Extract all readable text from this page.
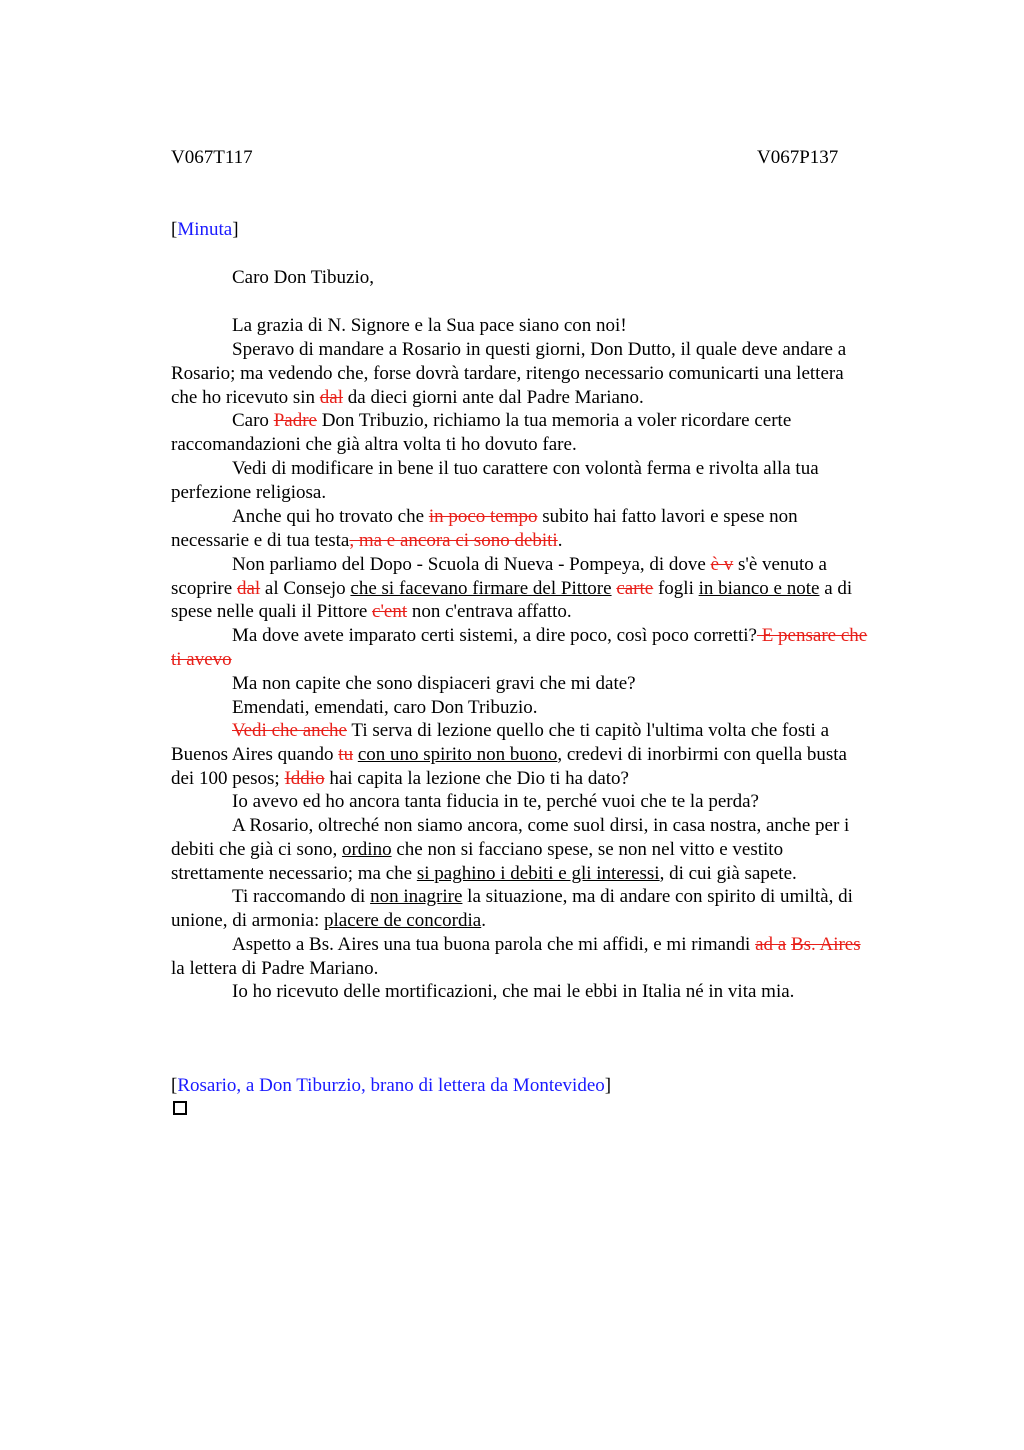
V067T117	V067P137
[Minuta]
Caro Don Tibuzio,
La grazia di N. Signore e la Sua pace siano con noi!
Speravo di mandare a Rosario in questi giorni, Don Dutto, il quale deve andare a
Rosario; ma vedendo che, forse dovrà tardare, ritengo necessario comunicarti una lettera
che ho ricevuto sin dal da dieci giorni ante dal Padre Mariano.
Caro Padre Don Tribuzio, richiamo la tua memoria a voler ricordare certe
raccomandazioni che già altra volta ti ho dovuto fare.
Vedi di modificare in bene il tuo carattere con volontà ferma e rivolta alla tua
perfezione religiosa.
Anche qui ho trovato che in poco tempo subito hai fatto lavori e spese non
necessarie e di tua testa, ma e ancora ci sono debiti.
Non parliamo del Dopo - Scuola di Nueva - Pompeya, di dove è v s'è venuto a
scoprire dal al Consejo che si facevano firmare del Pittore carte fogli in bianco e note a di
spese nelle quali il Pittore c'ent non c'entrava affatto.
Ma dove avete imparato certi sistemi, a dire poco, così poco corretti? E pensare che
ti avevo
Ma non capite che sono dispiaceri gravi che mi date?
Emendati, emendati, caro Don Tribuzio.
Vedi che anche Ti serva di lezione quello che ti capitò l'ultima volta che fosti a
Buenos Aires quando tu con uno spirito non buono, credevi di inorbirmi con quella busta
dei 100 pesos; Iddio hai capita la lezione che Dio ti ha dato?
Io avevo ed ho ancora tanta fiducia in te, perché vuoi che te la perda?
A Rosario, oltreché non siamo ancora, come suol dirsi, in casa nostra, anche per i
debiti che già ci sono, ordino che non si facciano spese, se non nel vitto e vestito
strettamente necessario; ma che si paghino i debiti e gli interessi, di cui già sapete.
Ti raccomando di non inagrire la situazione, ma di andare con spirito di umiltà, di
unione, di armonia: placere de concordia.
Aspetto a Bs. Aires una tua buona parola che mi affidi, e mi rimandi ad a Bs. Aires
la lettera di Padre Mariano.
Io ho ricevuto delle mortificazioni, che mai le ebbi in Italia né in vita mia.
[Rosario, a Don Tiburzio, brano di lettera da Montevideo]
